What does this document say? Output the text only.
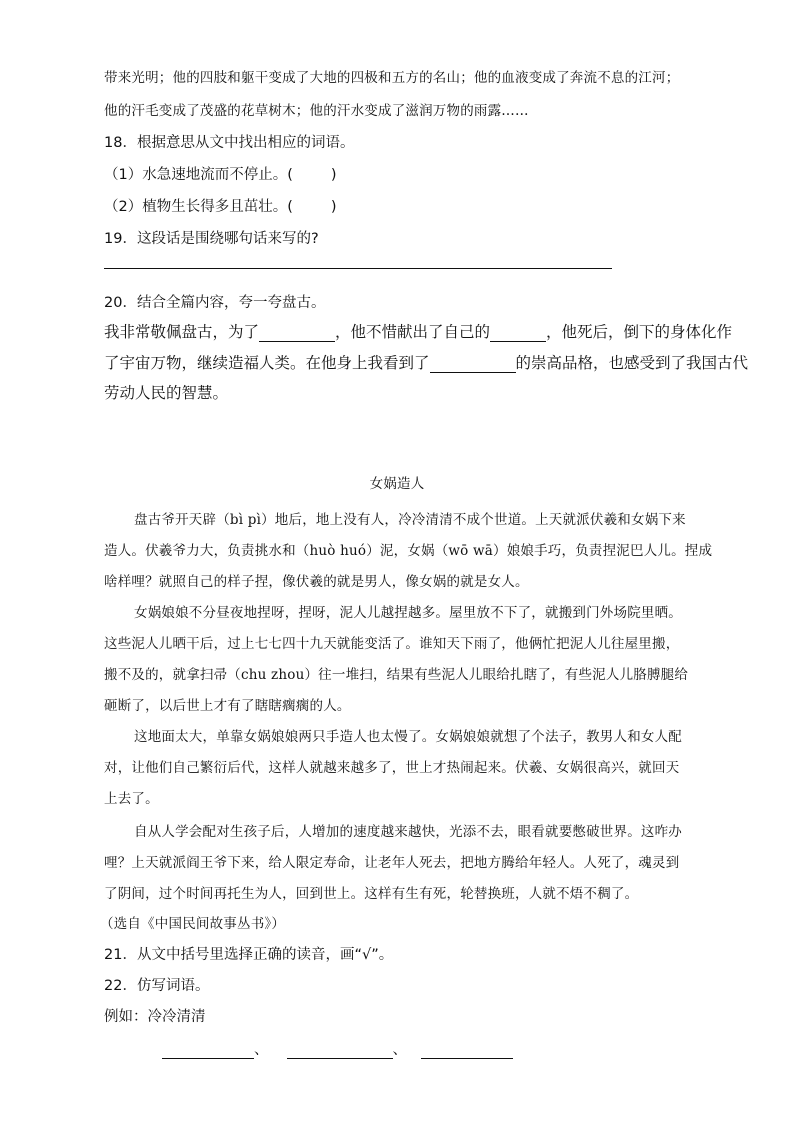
带来光明；他的四肢和躯干变成了大地的四极和五方的名山；他的血液变成了奔流不息的江河；
他的汗毛变成了茂盛的花草树木；他的汗水变成了滋润万物的雨露……
18．根据意思从文中找出相应的词语。
（1）水急速地流而不停止。(	)
（2）植物生长得多且茁壮。(	)
19．这段话是围绕哪句话来写的?
20．结合全篇内容，夸一夸盘古。
我非常敬佩盘古，为了	，他不惜献出了自己的	，他死后，倒下的身体化作
了宇宙万物，继续造福人类。在他身上我看到了	的崇高品格，也感受到了我国古代
劳动人民的智慧。
女娲造人
盘古爷开天辟（bì pì）地后，地上没有人，冷冷清清不成个世道。上天就派伏羲和女娲下来
造人。伏羲爷力大，负责挑水和（huò huó）泥，女娲（wō wā）娘娘手巧，负责捏泥巴人儿。捏成
啥样哩？就照自己的样子捏，像伏羲的就是男人，像女娲的就是女人。
女娲娘娘不分昼夜地捏呀，捏呀，泥人儿越捏越多。屋里放不下了，就搬到门外场院里晒。
这些泥人儿晒干后，过上七七四十九天就能变活了。谁知天下雨了，他俩忙把泥人儿往屋里搬，
搬不及的，就拿扫帚（chu zhou）往一堆扫，结果有些泥人儿眼给扎瞎了，有些泥人儿胳膊腿给
砸断了，以后世上才有了瞎瞎瘸瘸的人。
这地面太大，单靠女娲娘娘两只手造人也太慢了。女娲娘娘就想了个法子，教男人和女人配
对，让他们自己繁衍后代，这样人就越来越多了，世上才热闹起来。伏羲、女娲很高兴，就回天
上去了。
自从人学会配对生孩子后，人增加的速度越来越快，光添不去，眼看就要憋破世界。这咋办
哩？上天就派阎王爷下来，给人限定寿命，让老年人死去，把地方腾给年轻人。人死了，魂灵到
了阴间，过个时间再托生为人，回到世上。这样有生有死，轮替换班，人就不焐不稠了。
（选自《中国民间故事丛书》）
21．从文中括号里选择正确的读音，画“√”。
22．仿写词语。
例如：冷冷清清
、	、
